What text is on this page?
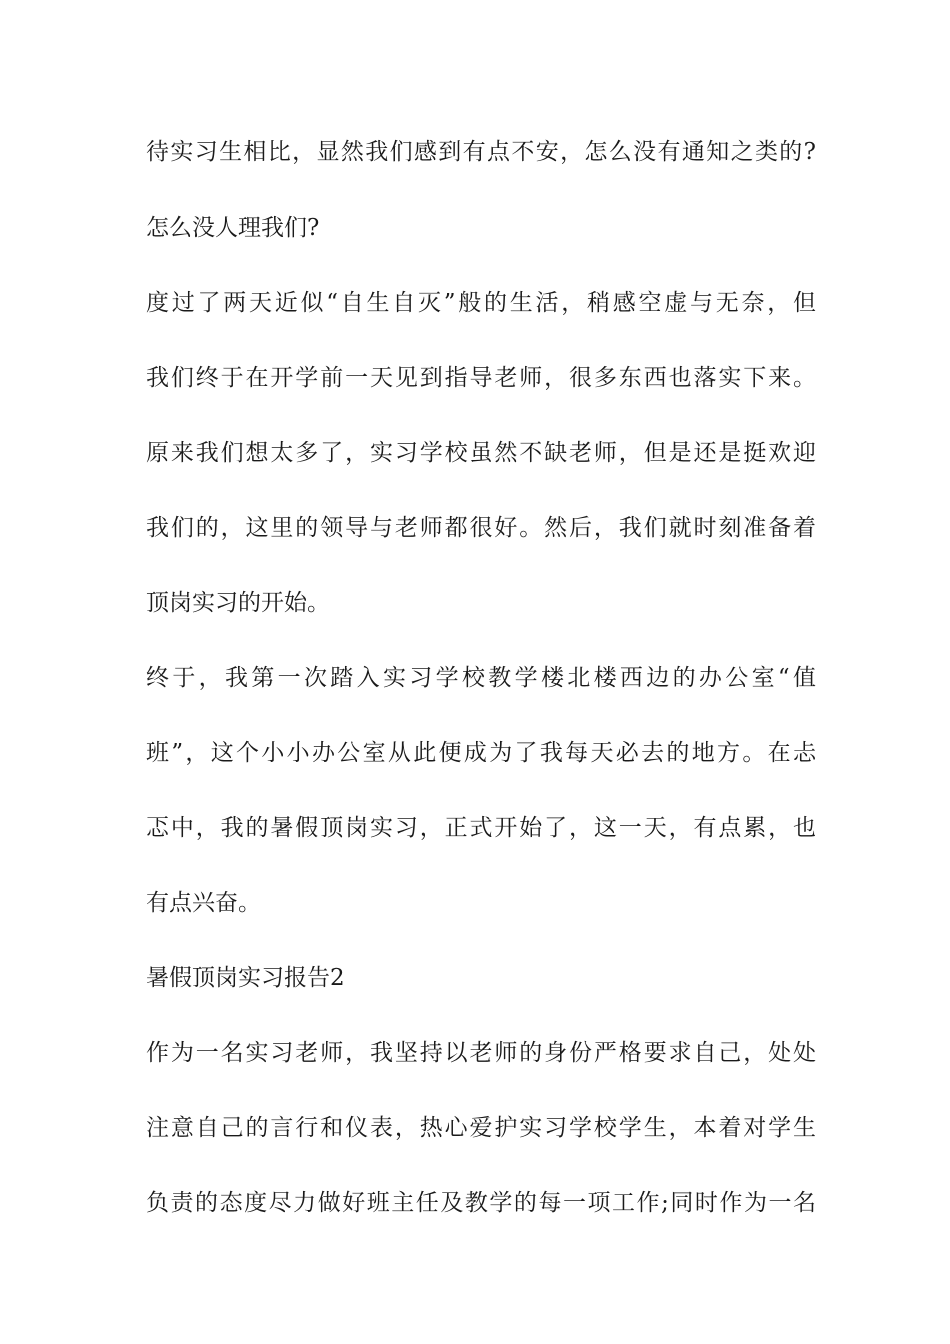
待实习生相比，显然我们感到有点不安，怎么没有通知之类的?
怎么没人理我们?
度过了两天近似“自生自灭”般的生活，稍感空虚与无奈，但
我们终于在开学前一天见到指导老师，很多东西也落实下来。
原来我们想太多了，实习学校虽然不缺老师，但是还是挺欢迎
我们的，这里的领导与老师都很好。然后，我们就时刻准备着
顶岗实习的开始。
终于，我第一次踏入实习学校教学楼北楼西边的办公室“值
班”，这个小小办公室从此便成为了我每天必去的地方。在忐
忑中，我的暑假顶岗实习，正式开始了，这一天，有点累，也
有点兴奋。
暑假顶岗实习报告2
作为一名实习老师，我坚持以老师的身份严格要求自己，处处
注意自己的言行和仪表，热心爱护实习学校学生，本着对学生
负责的态度尽力做好班主任及教学的每一项工作;同时作为一名
